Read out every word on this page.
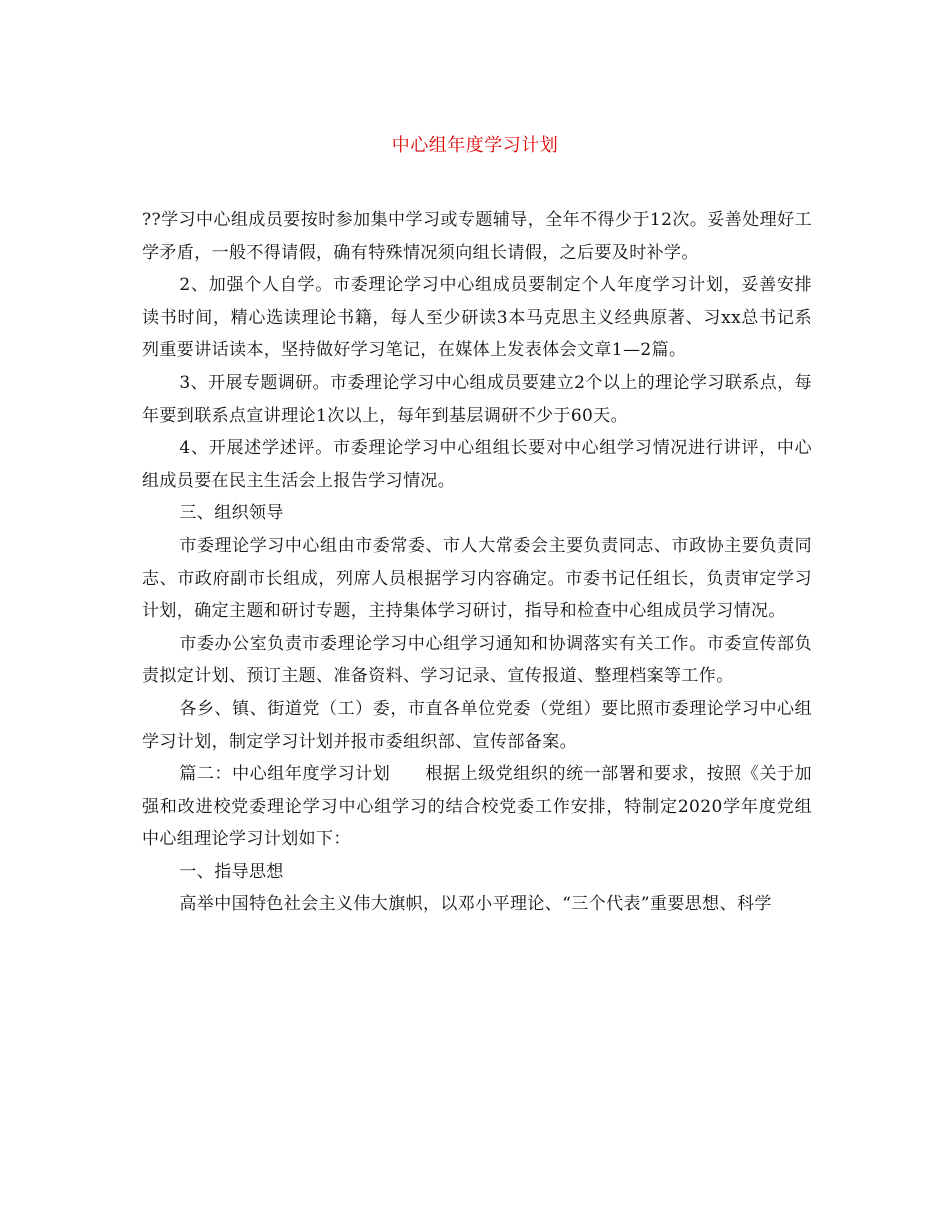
中心组年度学习计划

??学习中心组成员要按时参加集中学习或专题辅导，全年不得少于12次。妥善处理好工学矛盾，一般不得请假，确有特殊情况须向组长请假，之后要及时补学。

2、加强个人自学。市委理论学习中心组成员要制定个人年度学习计划，妥善安排读书时间，精心选读理论书籍，每人至少研读3本马克思主义经典原著、习xx总书记系列重要讲话读本，坚持做好学习笔记，在媒体上发表体会文章1—2篇。

3、开展专题调研。市委理论学习中心组成员要建立2个以上的理论学习联系点，每年要到联系点宣讲理论1次以上，每年到基层调研不少于60天。

4、开展述学述评。市委理论学习中心组组长要对中心组学习情况进行讲评，中心组成员要在民主生活会上报告学习情况。

三、组织领导

市委理论学习中心组由市委常委、市人大常委会主要负责同志、市政协主要负责同志、市政府副市长组成，列席人员根据学习内容确定。市委书记任组长，负责审定学习计划，确定主题和研讨专题，主持集体学习研讨，指导和检查中心组成员学习情况。

市委办公室负责市委理论学习中心组学习通知和协调落实有关工作。市委宣传部负责拟定计划、预订主题、准备资料、学习记录、宣传报道、整理档案等工作。

各乡、镇、街道党（工）委，市直各单位党委（党组）要比照市委理论学习中心组学习计划，制定学习计划并报市委组织部、宣传部备案。

篇二：中心组年度学习计划　　根据上级党组织的统一部署和要求，按照《关于加强和改进校党委理论学习中心组学习的结合校党委工作安排，特制定2020学年度党组中心组理论学习计划如下：

一、指导思想

高举中国特色社会主义伟大旗帜，以邓小平理论、“三个代表”重要思想、科学
